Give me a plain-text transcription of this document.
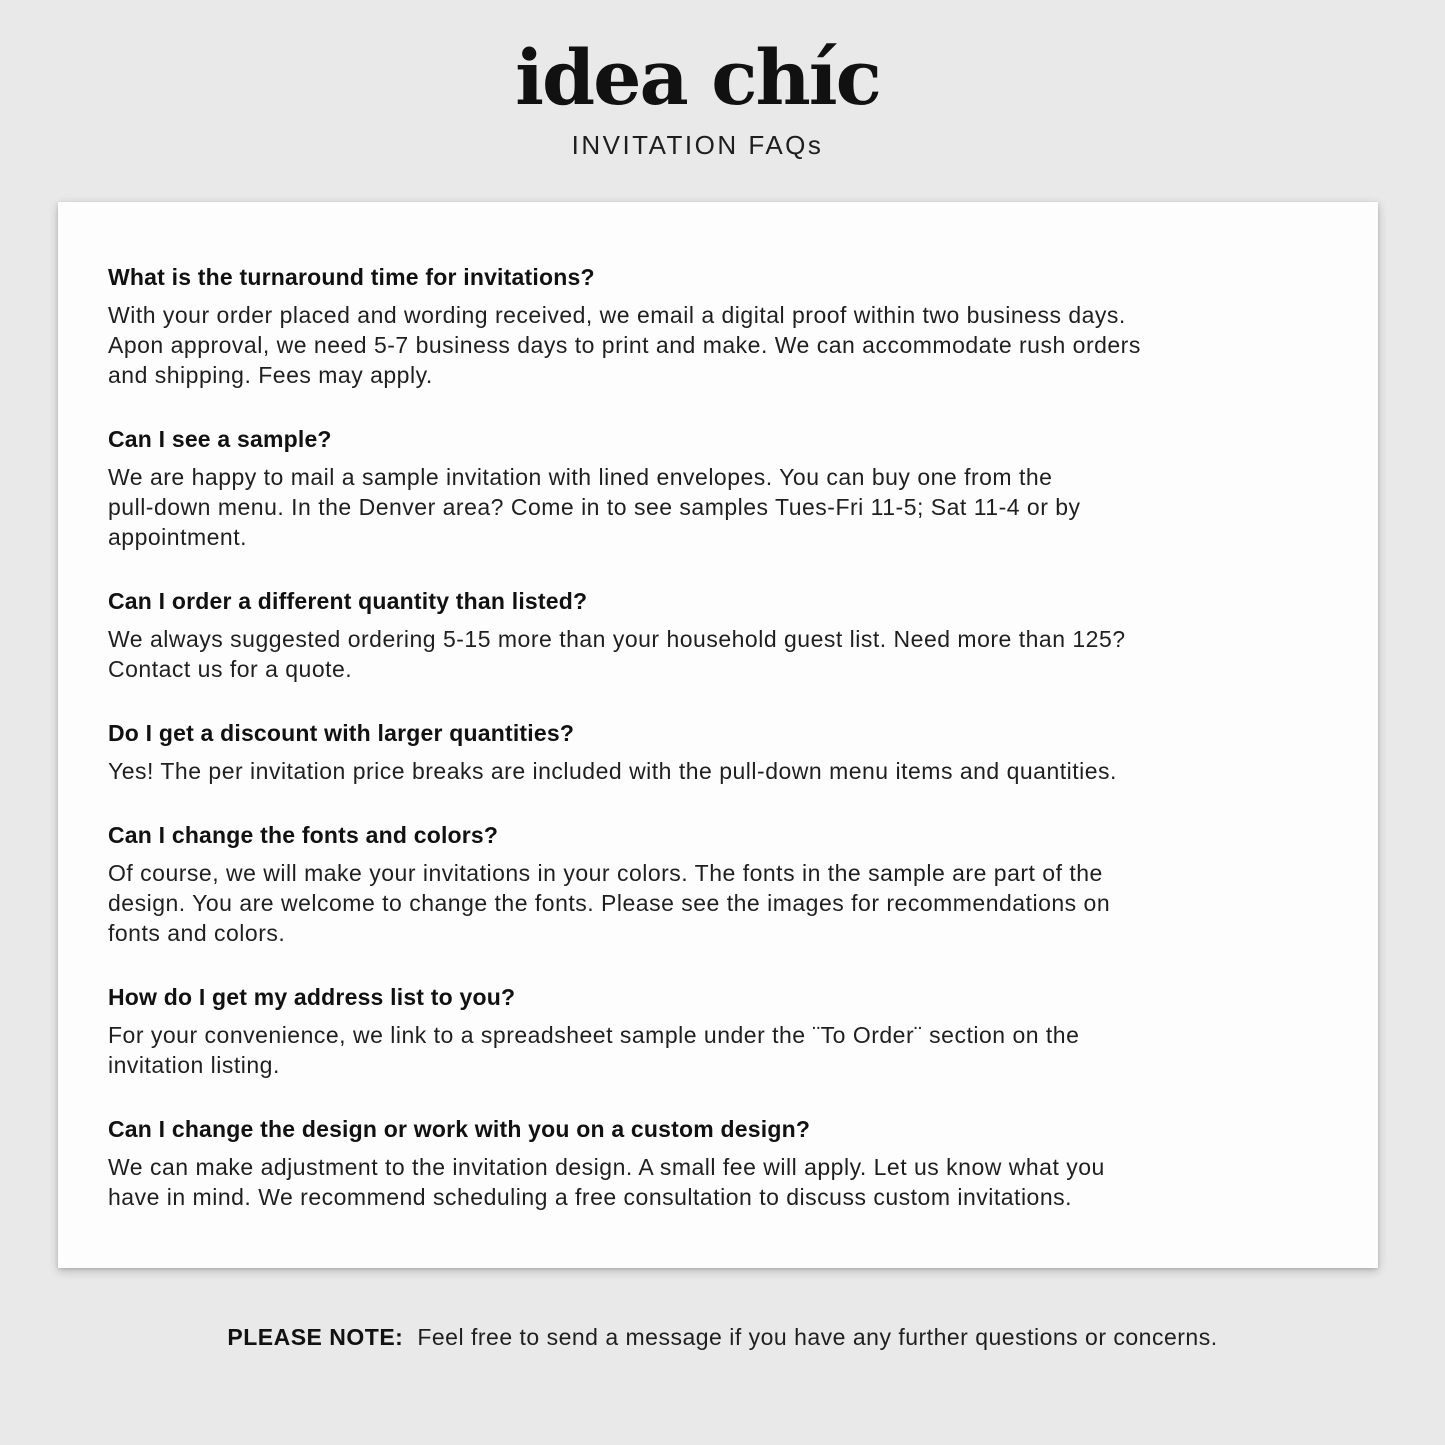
idea chíc
INVITATION FAQs
What is the turnaround time for invitations?
With your order placed and wording received, we email a digital proof within two business days.
Apon approval, we need 5-7 business days to print and make. We can accommodate rush orders
and shipping. Fees may apply.
Can I see a sample?
We are happy to mail a sample invitation with lined envelopes. You can buy one from the
pull-down menu. In the Denver area? Come in to see samples Tues-Fri 11-5; Sat 11-4 or by
appointment.
Can I order a different quantity than listed?
We always suggested ordering 5-15 more than your household guest list. Need more than 125?
Contact us for a quote.
Do I get a discount with larger quantities?
Yes! The per invitation price breaks are included with the pull-down menu items and quantities.
Can I change the fonts and colors?
Of course, we will make your invitations in your colors. The fonts in the sample are part of the
design. You are welcome to change the fonts. Please see the images for recommendations on
fonts and colors.
How do I get my address list to you?
For your convenience, we link to a spreadsheet sample under the ¨To Order¨ section on the
invitation listing.
Can I change the design or work with you on a custom design?
We can make adjustment to the invitation design. A small fee will apply. Let us know what you
have in mind. We recommend scheduling a free consultation to discuss custom invitations.
PLEASE NOTE: Feel free to send a message if you have any further questions or concerns.
